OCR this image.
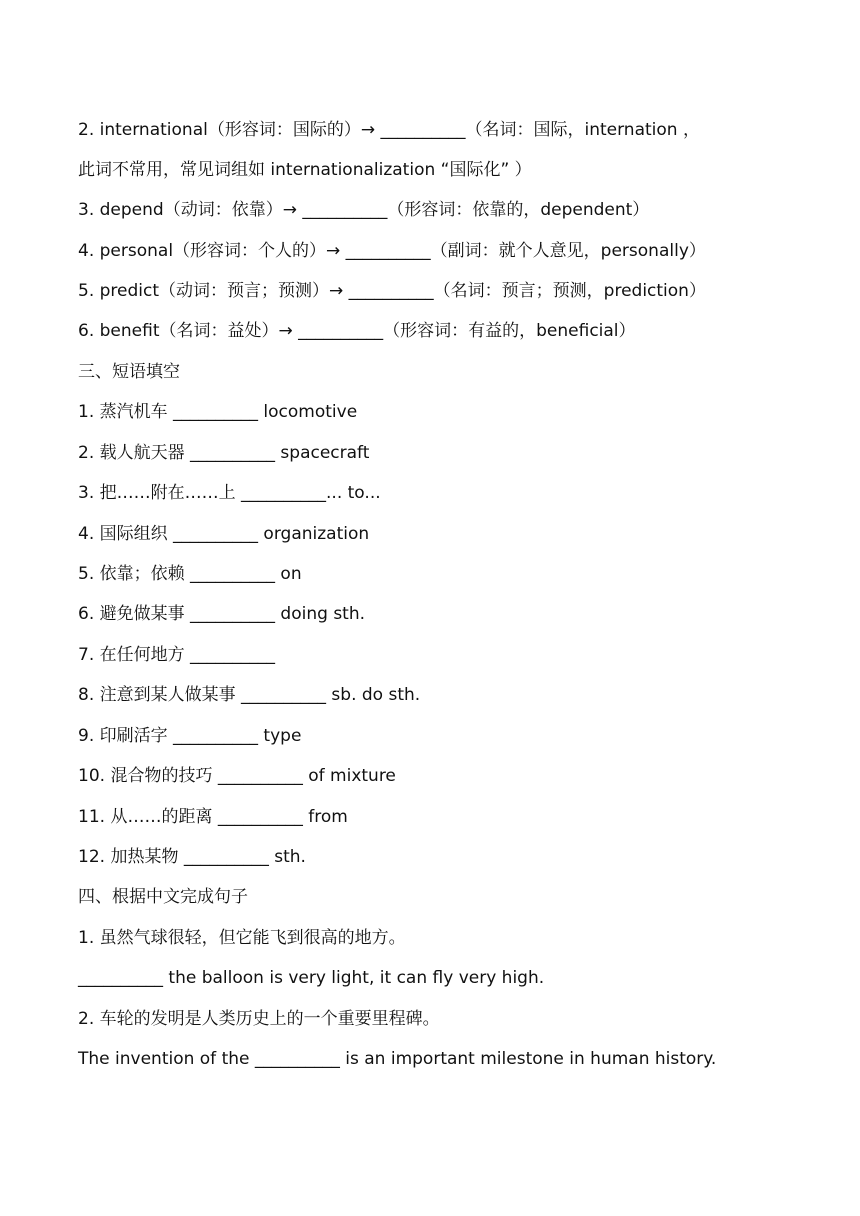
2. international（形容词：国际的）→ __________（名词：国际，internation ，
此词不常用，常见词组如 internationalization “国际化” ）
3. depend（动词：依靠）→ __________（形容词：依靠的，dependent）
4. personal（形容词：个人的）→ __________（副词：就个人意见，personally）
5. predict（动词：预言；预测）→ __________（名词：预言；预测，prediction）
6. benefit（名词：益处）→ __________（形容词：有益的，beneficial）
三、短语填空
1. 蒸汽机车 __________ locomotive
2. 载人航天器 __________ spacecraft
3. 把……附在……上 __________... to...
4. 国际组织 __________ organization
5. 依靠；依赖 __________ on
6. 避免做某事 __________ doing sth.
7. 在任何地方 __________
8. 注意到某人做某事 __________ sb. do sth.
9. 印刷活字 __________ type
10. 混合物的技巧 __________ of mixture
11. 从……的距离 __________ from
12. 加热某物 __________ sth.
四、根据中文完成句子
1. 虽然气球很轻，但它能飞到很高的地方。
__________ the balloon is very light, it can fly very high.
2. 车轮的发明是人类历史上的一个重要里程碑。
The invention of the __________ is an important milestone in human history.
